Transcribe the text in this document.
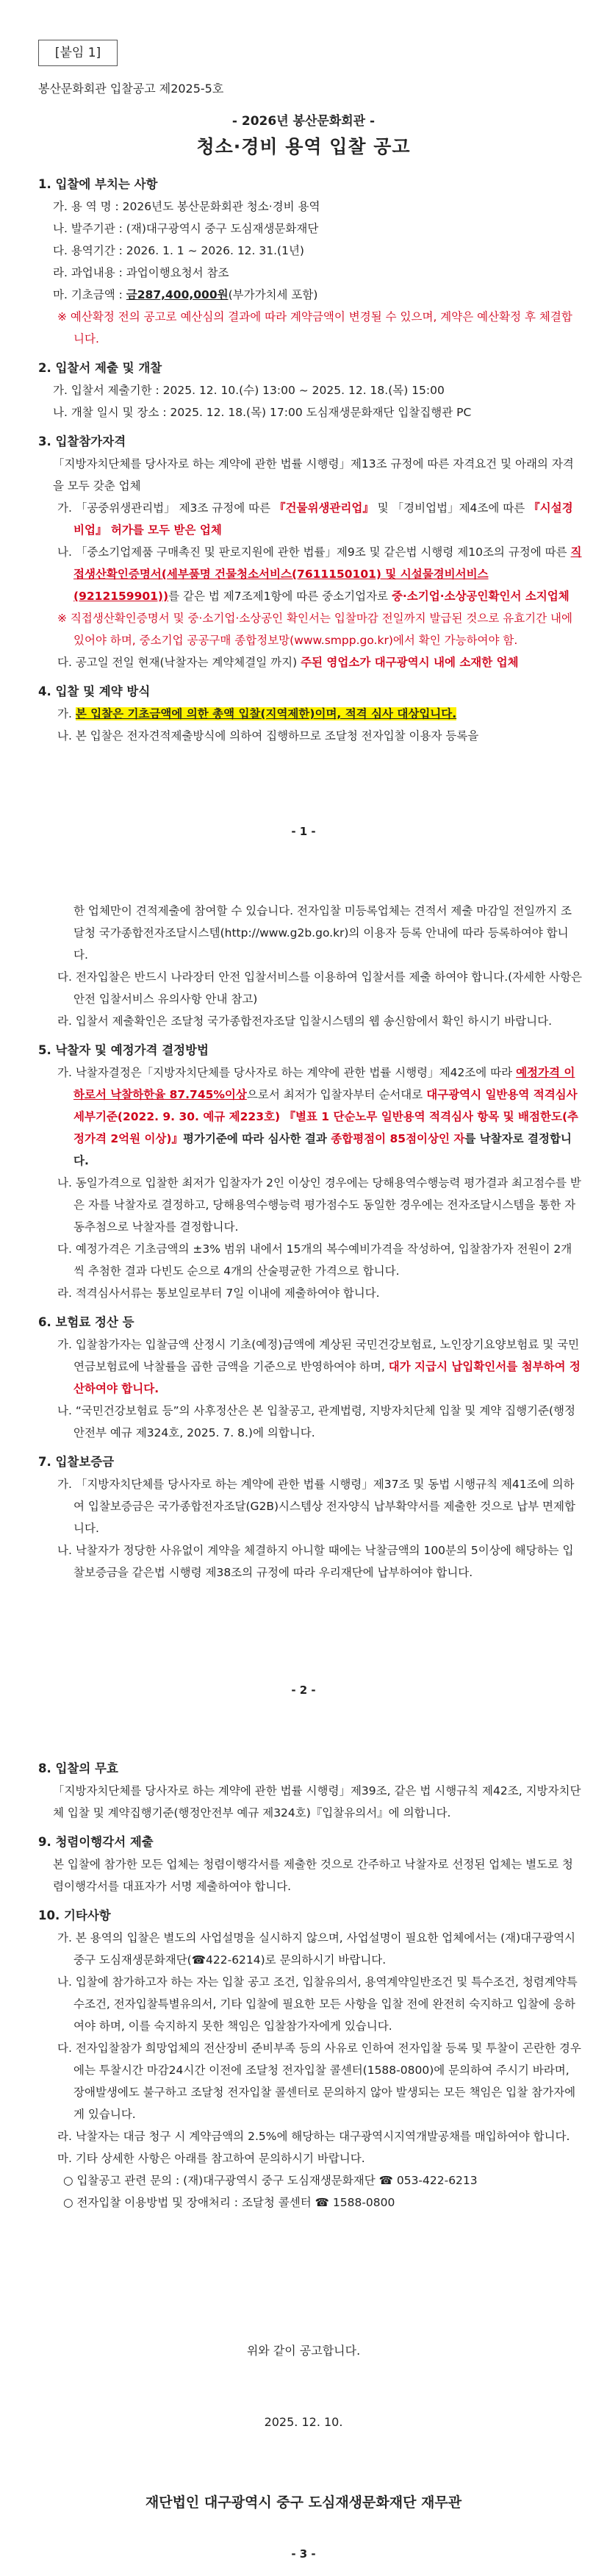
[붙임 1]
봉산문화회관 입찰공고 제2025-5호
- 2026년 봉산문화회관 -
청소·경비 용역 입찰 공고

1. 입찰에 부치는 사항

가. 용 역 명 : 2026년도 봉산문화회관 청소·경비 용역

나. 발주기관 : (재)대구광역시 중구 도심재생문화재단

다. 용역기간 : 2026. 1. 1 ~ 2026. 12. 31.(1년)

라. 과업내용 : 과업이행요청서 참조

마. 기초금액 : 금287,400,000원(부가가치세 포함)

※ 예산확정 전의 공고로 예산심의 결과에 따라 계약금액이 변경될 수 있으며, 계약은 예산확정 후 체결합니다.

2. 입찰서 제출 및 개찰

가. 입찰서 제출기한 : 2025. 12. 10.(수) 13:00 ~ 2025. 12. 18.(목) 15:00

나. 개찰 일시 및 장소 : 2025. 12. 18.(목) 17:00 도심재생문화재단 입찰집행관 PC

3. 입찰참가자격

「지방자치단체를 당사자로 하는 계약에 관한 법률 시행령」제13조 규정에 따른 자격요건 및 아래의 자격을 모두 갖춘 업체

가. 「공중위생관리법」 제3조 규정에 따른 『건물위생관리업』 및 「경비업법」제4조에 따른 『시설경비업』 허가를 모두 받은 업체

나. 「중소기업제품 구매촉진 및 판로지원에 관한 법률」제9조 및 같은법 시행령 제10조의 규정에 따른 직접생산확인증명서(세부품명 건물청소서비스(7611150101) 및 시설물경비서비스(9212159901))를 같은 법 제7조제1항에 따른 중소기업자로 중·소기업·소상공인확인서 소지업체

※ 직접생산확인증명서 및 중·소기업·소상공인 확인서는 입찰마감 전일까지 발급된 것으로 유효기간 내에 있어야 하며, 중소기업 공공구매 종합정보망(www.smpp.go.kr)에서 확인 가능하여야 함.

다. 공고일 전일 현재(낙찰자는 계약체결일 까지) 주된 영업소가 대구광역시 내에 소재한 업체

4. 입찰 및 계약 방식

가. 본 입찰은 기초금액에 의한 총액 입찰(지역제한)이며, 적격 심사 대상입니다.

나. 본 입찰은 전자견적제출방식에 의하여 집행하므로 조달청 전자입찰 이용자 등록을

- 1 -

한 업체만이 견적제출에 참여할 수 있습니다. 전자입찰 미등록업체는 견적서 제출 마감일 전일까지 조달청 국가종합전자조달시스템(http://www.g2b.go.kr)의 이용자 등록 안내에 따라 등록하여야 합니다.

다. 전자입찰은 반드시 나라장터 안전 입찰서비스를 이용하여 입찰서를 제출 하여야 합니다.(자세한 사항은 안전 입찰서비스 유의사항 안내 참고)

라. 입찰서 제출확인은 조달청 국가종합전자조달 입찰시스템의 웹 송신함에서 확인 하시기 바랍니다.

5. 낙찰자 및 예정가격 결정방법

가. 낙찰자결정은「지방자치단체를 당사자로 하는 계약에 관한 법률 시행령」제42조에 따라 예정가격 이하로서 낙찰하한율 87.745%이상으로서 최저가 입찰자부터 순서대로 대구광역시 일반용역 적격심사 세부기준(2022. 9. 30. 예규 제223호) 『별표 1 단순노무 일반용역 적격심사 항목 및 배점한도(추정가격 2억원 이상)』평가기준에 따라 심사한 결과 종합평점이 85점이상인 자를 낙찰자로 결정합니다.

나. 동일가격으로 입찰한 최저가 입찰자가 2인 이상인 경우에는 당해용역수행능력 평가결과 최고점수를 받은 자를 낙찰자로 결정하고, 당해용역수행능력 평가점수도 동일한 경우에는 전자조달시스템을 통한 자동추첨으로 낙찰자를 결정합니다.

다. 예정가격은 기초금액의 ±3% 범위 내에서 15개의 복수예비가격을 작성하여, 입찰참가자 전원이 2개씩 추첨한 결과 다빈도 순으로 4개의 산술평균한 가격으로 합니다.

라. 적격심사서류는 통보일로부터 7일 이내에 제출하여야 합니다.

6. 보험료 정산 등

가. 입찰참가자는 입찰금액 산정시 기초(예정)금액에 계상된 국민건강보험료, 노인장기요양보험료 및 국민연금보험료에 낙찰률을 곱한 금액을 기준으로 반영하여야 하며, 대가 지급시 납입확인서를 첨부하여 정산하여야 합니다.

나. “국민건강보험료 등”의 사후정산은 본 입찰공고, 관계법령, 지방자치단체 입찰 및 계약 집행기준(행정안전부 예규 제324호, 2025. 7. 8.)에 의합니다.

7. 입찰보증금

가. 「지방자치단체를 당사자로 하는 계약에 관한 법률 시행령」제37조 및 동법 시행규칙 제41조에 의하여 입찰보증금은 국가종합전자조달(G2B)시스템상 전자양식 납부확약서를 제출한 것으로 납부 면제합니다.

나. 낙찰자가 정당한 사유없이 계약을 체결하지 아니할 때에는 낙찰금액의 100분의 5이상에 해당하는 입찰보증금을 같은법 시행령 제38조의 규정에 따라 우리재단에 납부하여야 합니다.

- 2 -

8. 입찰의 무효

「지방자치단체를 당사자로 하는 계약에 관한 법률 시행령」제39조, 같은 법 시행규칙 제42조, 지방자치단체 입찰 및 계약집행기준(행정안전부 예규 제324호)『입찰유의서』에 의합니다.

9. 청렴이행각서 제출

본 입찰에 참가한 모든 업체는 청렴이행각서를 제출한 것으로 간주하고 낙찰자로 선정된 업체는 별도로 청렴이행각서를 대표자가 서명 제출하여야 합니다.

10. 기타사항

가. 본 용역의 입찰은 별도의 사업설명을 실시하지 않으며, 사업설명이 필요한 업체에서는 (재)대구광역시 중구 도심재생문화재단(☎422-6214)로 문의하시기 바랍니다.

나. 입찰에 참가하고자 하는 자는 입찰 공고 조건, 입찰유의서, 용역계약일반조건 및 특수조건, 청렴계약특수조건, 전자입찰특별유의서, 기타 입찰에 필요한 모든 사항을 입찰 전에 완전히 숙지하고 입찰에 응하여야 하며, 이를 숙지하지 못한 책임은 입찰참가자에게 있습니다.

다. 전자입찰참가 희망업체의 전산장비 준비부족 등의 사유로 인하여 전자입찰 등록 및 투찰이 곤란한 경우에는 투찰시간 마감24시간 이전에 조달청 전자입찰 콜센터(1588-0800)에 문의하여 주시기 바라며, 장애발생에도 불구하고 조달청 전자입찰 콜센터로 문의하지 않아 발생되는 모든 책임은 입찰 참가자에게 있습니다.

라. 낙찰자는 대금 청구 시 계약금액의 2.5%에 해당하는 대구광역시지역개발공채를 매입하여야 합니다.

마. 기타 상세한 사항은 아래를 참고하여 문의하시기 바랍니다.

○ 입찰공고 관련 문의 : (재)대구광역시 중구 도심재생문화재단 ☎ 053-422-6213

○ 전자입찰 이용방법 및 장애처리 : 조달청 콜센터 ☎ 1588-0800

위와 같이 공고합니다.
2025. 12. 10.
재단법인 대구광역시 중구 도심재생문화재단 재무관
- 3 -
